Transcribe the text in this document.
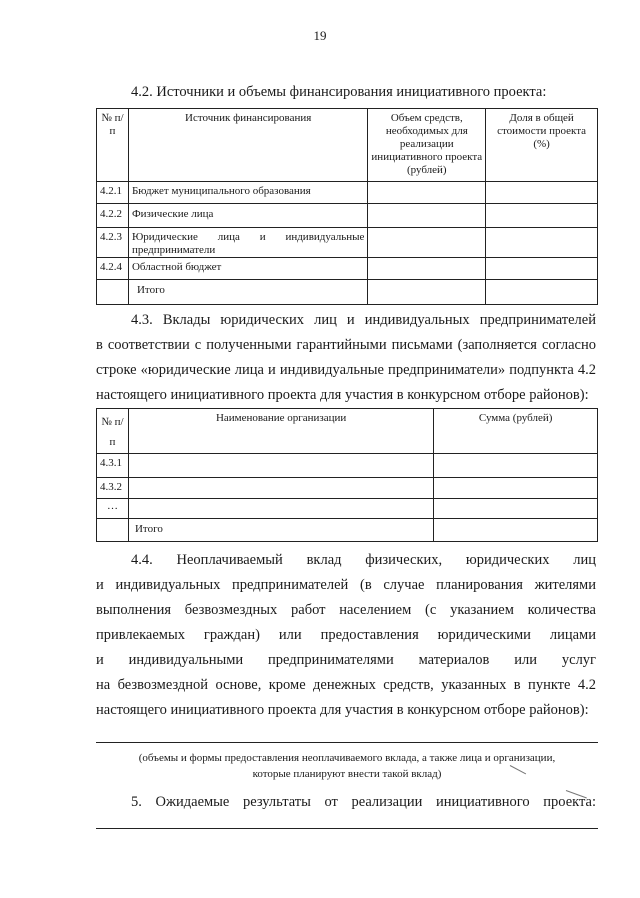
19
4.2. Источники и объемы финансирования инициативного проекта:
№ п/п	Источник финансирования	Объем средств, необходимых для реализации инициативного проекта (рублей)	Доля в общей стоимости проекта (%)
4.2.1	Бюджет муниципального образования		
4.2.2	Физические лица		
4.2.3	Юридические лица и индивидуальные предприниматели		
4.2.4	Областной бюджет		
	Итого		
4.3. Вклады юридических лиц и индивидуальных предпринимателей
в соответствии с полученными гарантийными письмами (заполняется согласно
строке «юридические лица и индивидуальные предприниматели» подпункта 4.2
настоящего инициативного проекта для участия в конкурсном отборе районов):
№ п/п	Наименование организации	Сумма (рублей)
4.3.1		
4.3.2		
…		
	Итого	
4.4. Неоплачиваемый вклад физических, юридических лиц
и индивидуальных предпринимателей (в случае планирования жителями
выполнения безвозмездных работ населением (с указанием количества
привлекаемых граждан) или предоставления юридическими лицами
и индивидуальными предпринимателями материалов или услуг
на безвозмездной основе, кроме денежных средств, указанных в пункте 4.2
настоящего инициативного проекта для участия в конкурсном отборе районов):
(объемы и формы предоставления неоплачиваемого вклада, а также лица и организации,
которые планируют внести такой вклад)
5. Ожидаемые результаты от реализации инициативного проекта:
